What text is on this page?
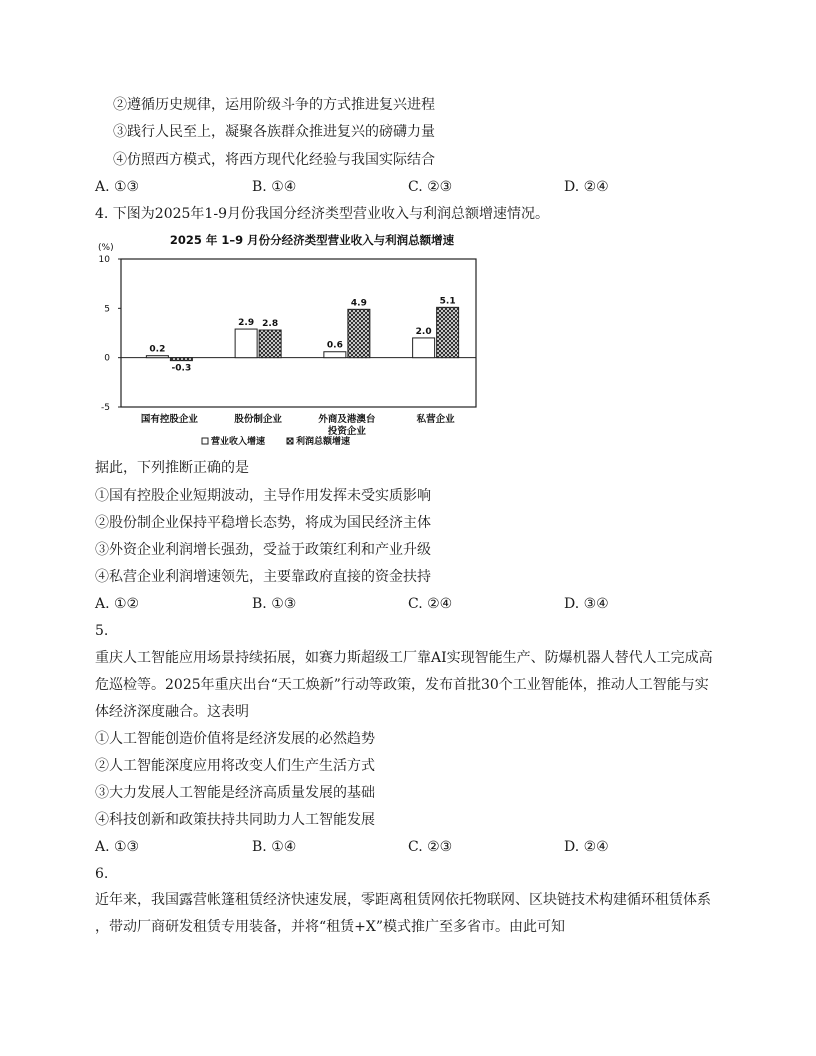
②遵循历史规律，运用阶级斗争的方式推进复兴进程
③践行人民至上，凝聚各族群众推进复兴的磅礴力量
④仿照西方模式，将西方现代化经验与我国实际结合
A. ①③	B. ①④	C. ②③	D. ②④
4. 下图为2025年1-9月份我国分经济类型营业收入与利润总额增速情况。
2025 年 1–9 月份分经济类型营业收入与利润总额增速
(%)
10
5
0
-5
0.2
-0.3
国有控股企业
2.9 2.8
股份制企业
0.6
4.9
外商及港澳台
投资企业
2.0
5.1
私营企业
营业收入增速	利润总额增速
据此，下列推断正确的是
①国有控股企业短期波动，主导作用发挥未受实质影响
②股份制企业保持平稳增长态势，将成为国民经济主体
③外资企业利润增长强劲，受益于政策红利和产业升级
④私营企业利润增速领先，主要靠政府直接的资金扶持
A. ①②	B. ①③	C. ②④	D. ③④
5.
重庆人工智能应用场景持续拓展，如赛力斯超级工厂靠AI实现智能生产、防爆机器人替代人工完成高
危巡检等。2025年重庆出台“天工焕新”行动等政策，发布首批30个工业智能体，推动人工智能与实
体经济深度融合。这表明
①人工智能创造价值将是经济发展的必然趋势
②人工智能深度应用将改变人们生产生活方式
③大力发展人工智能是经济高质量发展的基础
④科技创新和政策扶持共同助力人工智能发展
A. ①③	B. ①④	C. ②③	D. ②④
6.
近年来，我国露营帐篷租赁经济快速发展，零距离租赁网依托物联网、区块链技术构建循环租赁体系
，带动厂商研发租赁专用装备，并将“租赁+X”模式推广至多省市。由此可知
